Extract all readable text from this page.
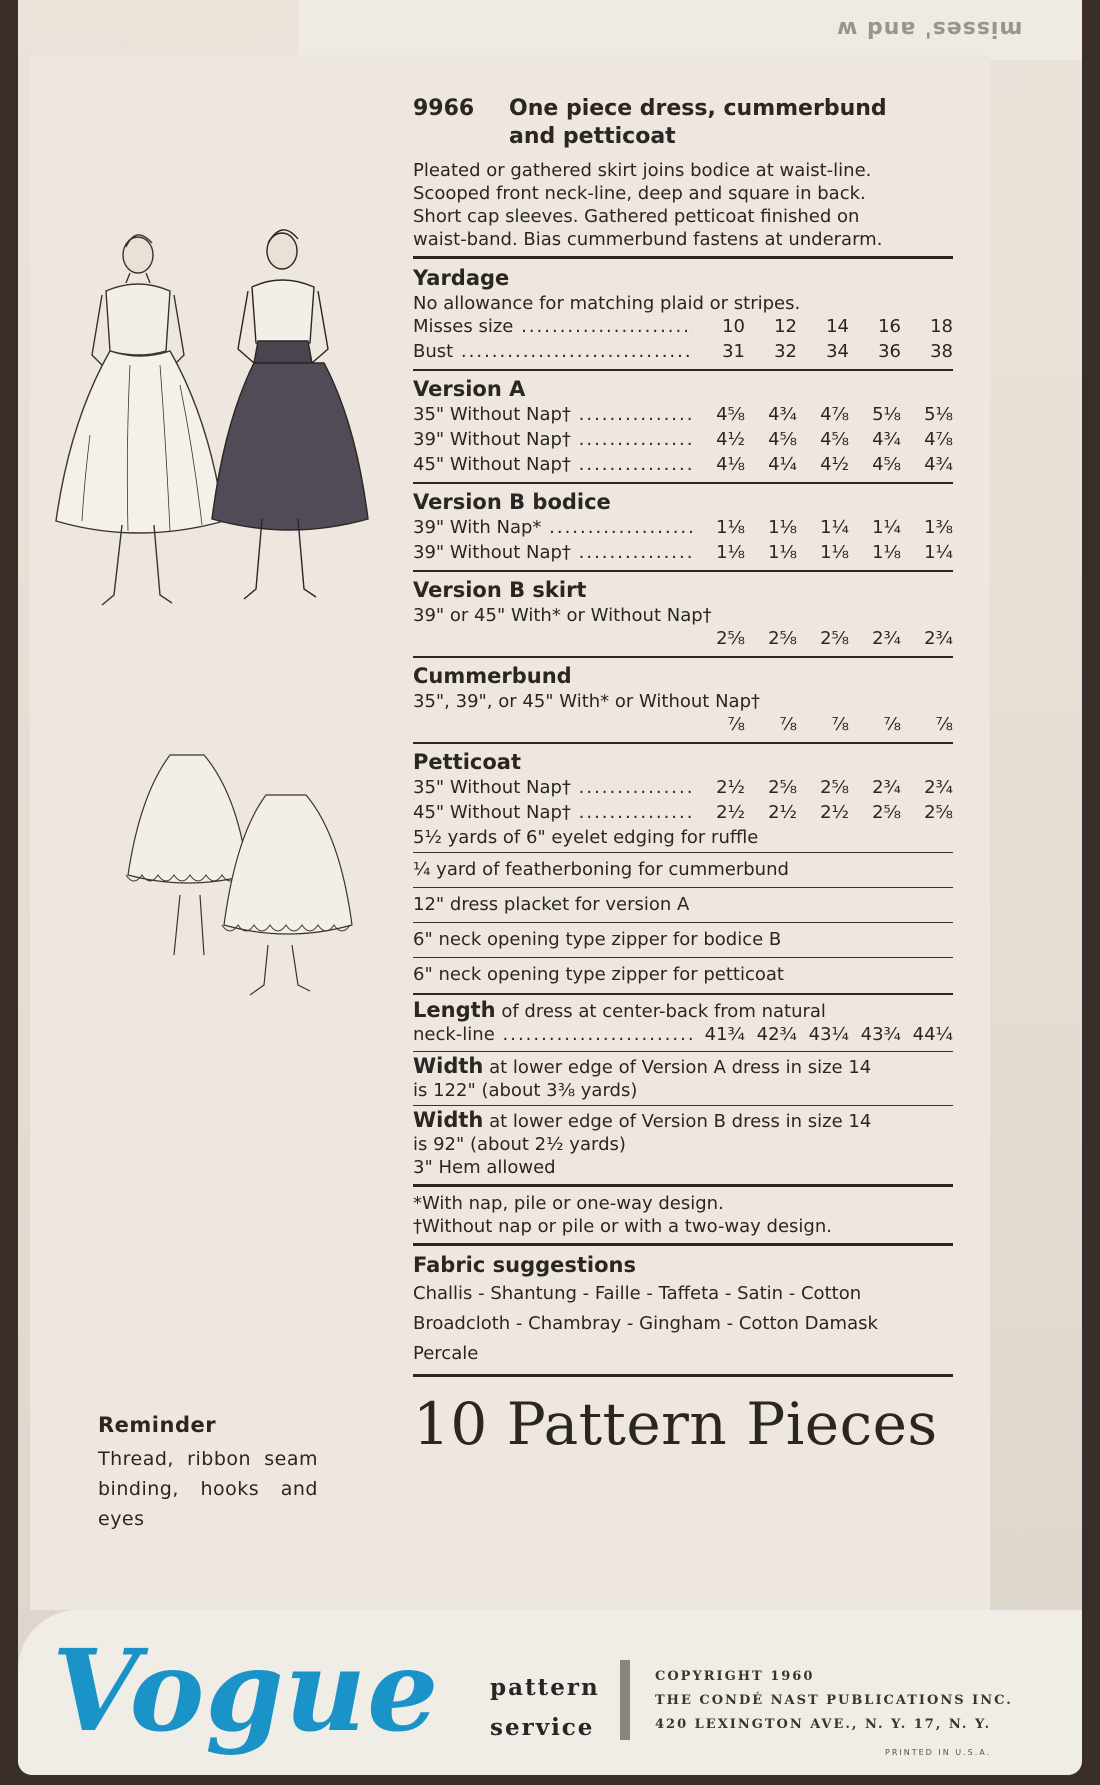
misses' and w
Reminder
Thread, ribbon seam binding, hooks and eyes
9966	One piece dress, cummerbund
and petticoat
Pleated or gathered skirt joins bodice at waist-line.
Scooped front neck-line, deep and square in back.
Short cap sleeves. Gathered petticoat finished on
waist-band. Bias cummerbund fastens at underarm.
Yardage
No allowance for matching plaid or stripes.
Misses size .....	10	12	14	16	18
Bust .....	31	32	34	36	38
Version A
35" Without Nap† .....	4⅝	4¾	4⅞	5⅛	5⅛
39" Without Nap† .....	4½	4⅝	4⅝	4¾	4⅞
45" Without Nap† .....	4⅛	4¼	4½	4⅝	4¾
Version B bodice
39" With Nap* .....	1⅛	1⅛	1¼	1¼	1⅜
39" Without Nap† .....	1⅛	1⅛	1⅛	1⅛	1¼
Version B skirt
39" or 45" With* or Without Nap†
2⅝	2⅝	2⅝	2¾	2¾
Cummerbund
35", 39", or 45" With* or Without Nap†
⅞	⅞	⅞	⅞	⅞
Petticoat
35" Without Nap† .....	2½	2⅝	2⅝	2¾	2¾
45" Without Nap† .....	2½	2½	2½	2⅝	2⅝
5½ yards of 6" eyelet edging for ruffle
¼ yard of featherboning for cummerbund
12" dress placket for version A
6" neck opening type zipper for bodice B
6" neck opening type zipper for petticoat
Length of dress at center-back from natural
neck-line .....	41¾ 42¾ 43¼ 43¾ 44¼
Width at lower edge of Version A dress in size 14
is 122" (about 3⅜ yards)
Width at lower edge of Version B dress in size 14
is 92" (about 2½ yards)
3" Hem allowed
*With nap, pile or one-way design.
†Without nap or pile or with a two-way design.
Fabric suggestions
Challis - Shantung - Faille - Taffeta - Satin - Cotton
Broadcloth - Chambray - Gingham - Cotton Damask
Percale
10 Pattern Pieces
Vogue pattern
service
COPYRIGHT 1960
THE CONDÉ NAST PUBLICATIONS INC.
420 LEXINGTON AVE., N. Y. 17, N. Y.
PRINTED IN U.S.A.
